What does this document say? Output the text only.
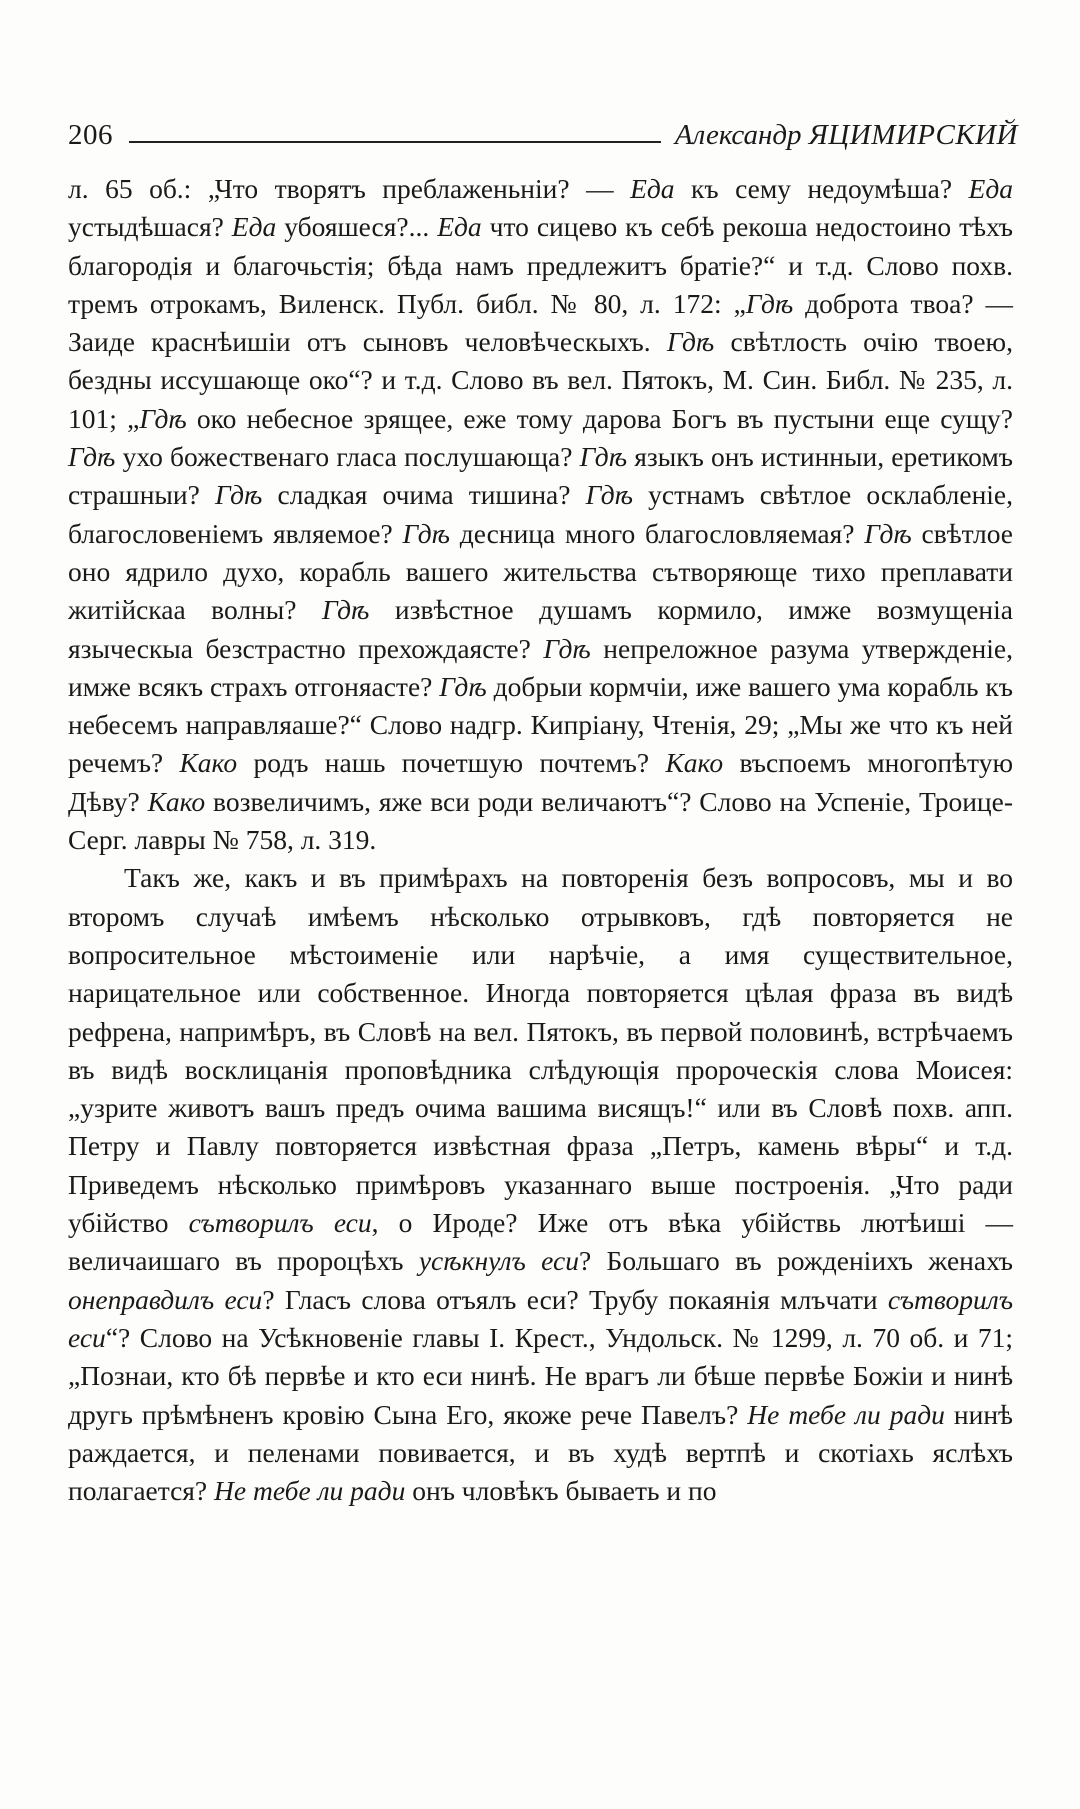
206	Александр ЯЦИМИРСКИЙ

л. 65 об.: „Что творятъ преблаженьніи? — Еда къ сему недоумѣша? Еда устыдѣшася? Еда убояшеся?... Еда что сицево къ себѣ рекоша недостоино тѣхъ благородія и благочьстія; бѣда намъ предлежитъ братіе?“ и т.д. Слово похв. тремъ отрокамъ, Виленск. Публ. библ. № 80, л. 172: „Гдѣ доброта твоа? — Заиде краснѣишіи отъ сыновъ человѣческыхъ. Гдѣ свѣтлость очію твоею, бездны иссушающе око“? и т.д. Слово въ вел. Пятокъ, М. Син. Библ. № 235, л. 101; „Гдѣ око небесное зрящее, еже тому дарова Богъ въ пустыни еще сущу? Гдѣ ухо божественаго гласа послушающа? Гдѣ языкъ онъ истинныи, еретикомъ страшныи? Гдѣ сладкая очима тишина? Гдѣ устнамъ свѣтлое осклабленіе, благословеніемъ являемое? Гдѣ десница много благословляемая? Гдѣ свѣтлое оно ядрило духо, корабль вашего жительства сътворяюще тихо преплавати житійскаа волны? Гдѣ извѣстное душамъ кормило, имже возмущеніа языческыа безстрастно прехождаясте? Гдѣ непреложное разума утвержденіе, имже всякъ страхъ отгоняасте? Гдѣ добрыи кормчіи, иже вашего ума корабль къ небесемъ направляаше?“ Слово надгр. Кипріану, Чтенія, 29; „Мы же что къ ней речемъ? Како родъ нашь почетшую почтемъ? Како въспоемъ многопѣтую Дѣву? Како возвеличимъ, яже вси роди величаютъ“? Слово на Успеніе, Троице-Серг. лавры № 758, л. 319.

Такъ же, какъ и въ примѣрахъ на повторенія безъ вопросовъ, мы и во второмъ случаѣ имѣемъ нѣсколько отрывковъ, гдѣ повторяется не вопросительное мѣстоименіе или нарѣчіе, а имя существительное, нарицательное или собственное. Иногда повторяется цѣлая фраза въ видѣ рефрена, напримѣръ, въ Словѣ на вел. Пятокъ, въ первой половинѣ, встрѣчаемъ въ видѣ восклицанія проповѣдника слѣдующія пророческія слова Моисея: „узрите животъ вашъ предъ очима вашима висящъ!“ или въ Словѣ похв. апп. Петру и Павлу повторяется извѣстная фраза „Петръ, камень вѣры“ и т.д. Приведемъ нѣсколько примѣровъ указаннаго выше построенія. „Что ради убійство сътворилъ еси, о Ироде? Иже отъ вѣка убійствь лютѣиші — величаишаго въ пророцѣхъ усѣкнулъ еси? Большаго въ рожденіихъ женахъ онеправдилъ еси? Гласъ слова отъялъ еси? Трубу покаянія млъчати сътворилъ еси“? Слово на Усѣкновеніе главы I. Крест., Ундольск. № 1299, л. 70 об. и 71; „Познаи, кто бѣ первѣе и кто еси нинѣ. Не врагъ ли бѣше первѣе Божіи и нинѣ другь прѣмѣненъ кровію Сына Его, якоже рече Павелъ? Не тебе ли ради нинѣ раждается, и пеленами повивается, и въ худѣ вертпѣ и скотіахь яслѣхъ полагается? Не тебе ли ради онъ чловѣкъ бываеть и по
